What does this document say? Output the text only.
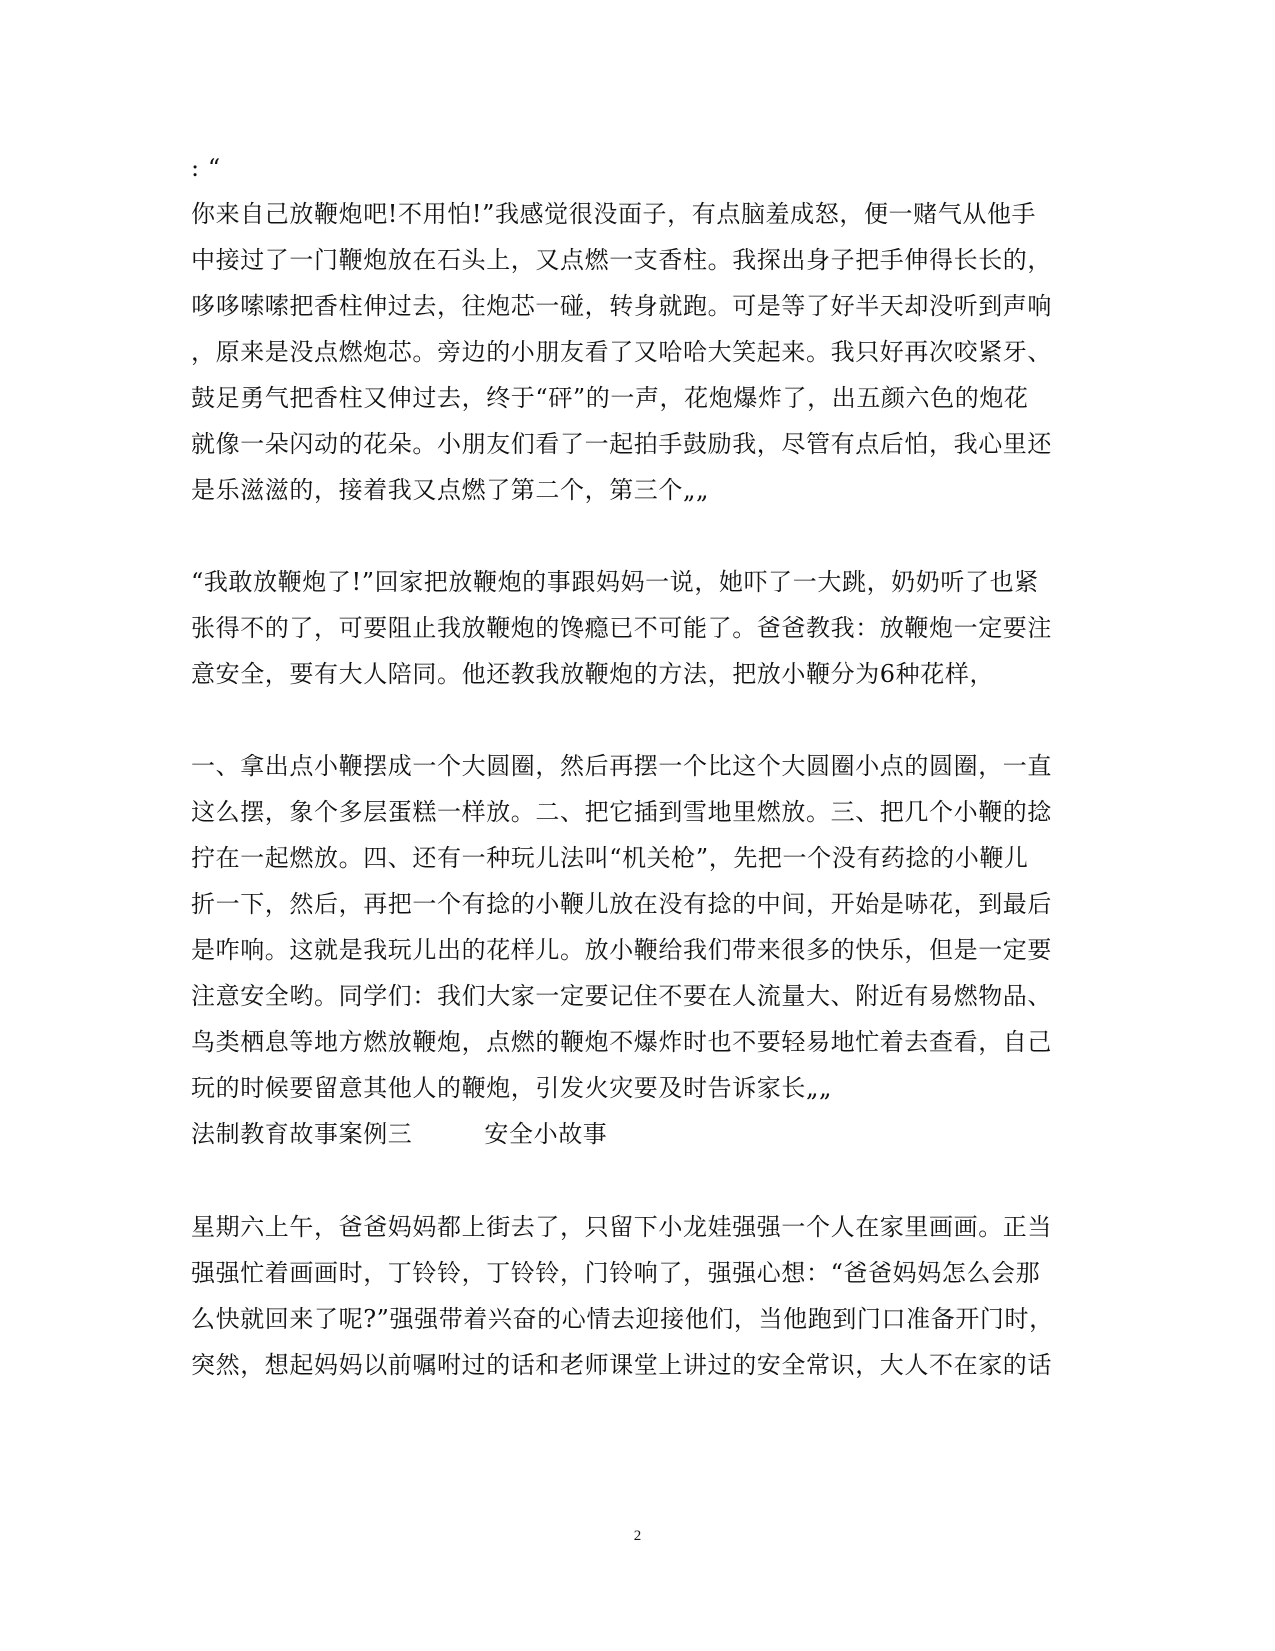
: “
你来自己放鞭炮吧!不用怕!”我感觉很没面子，有点脑羞成怒，便一赌气从他手
中接过了一门鞭炮放在石头上，又点燃一支香柱。我探出身子把手伸得长长的，
哆哆嗦嗦把香柱伸过去，往炮芯一碰，转身就跑。可是等了好半天却没听到声响
，原来是没点燃炮芯。旁边的小朋友看了又哈哈大笑起来。我只好再次咬紧牙、
鼓足勇气把香柱又伸过去，终于“砰”的一声，花炮爆炸了，出五颜六色的炮花
就像一朵闪动的花朵。小朋友们看了一起拍手鼓励我，尽管有点后怕，我心里还
是乐滋滋的，接着我又点燃了第二个，第三个„„
“我敢放鞭炮了!”回家把放鞭炮的事跟妈妈一说，她吓了一大跳，奶奶听了也紧
张得不的了，可要阻止我放鞭炮的馋瘾已不可能了。爸爸教我：放鞭炮一定要注
意安全，要有大人陪同。他还教我放鞭炮的方法，把放小鞭分为6种花样，
一、拿出点小鞭摆成一个大圆圈，然后再摆一个比这个大圆圈小点的圆圈，一直
这么摆，象个多层蛋糕一样放。二、把它插到雪地里燃放。三、把几个小鞭的捻
拧在一起燃放。四、还有一种玩儿法叫“机关枪”，先把一个没有药捻的小鞭儿
折一下，然后，再把一个有捻的小鞭儿放在没有捻的中间，开始是哧花，到最后
是咋响。这就是我玩儿出的花样儿。放小鞭给我们带来很多的快乐，但是一定要
注意安全哟。同学们：我们大家一定要记住不要在人流量大、附近有易燃物品、
鸟类栖息等地方燃放鞭炮，点燃的鞭炮不爆炸时也不要轻易地忙着去查看，自己
玩的时候要留意其他人的鞭炮，引发火灾要及时告诉家长„„
法制教育故事案例三	安全小故事
星期六上午，爸爸妈妈都上街去了，只留下小龙娃强强一个人在家里画画。正当
强强忙着画画时，丁铃铃，丁铃铃，门铃响了，强强心想：“爸爸妈妈怎么会那
么快就回来了呢?”强强带着兴奋的心情去迎接他们，当他跑到门口准备开门时，
突然，想起妈妈以前嘱咐过的话和老师课堂上讲过的安全常识，大人不在家的话
2
